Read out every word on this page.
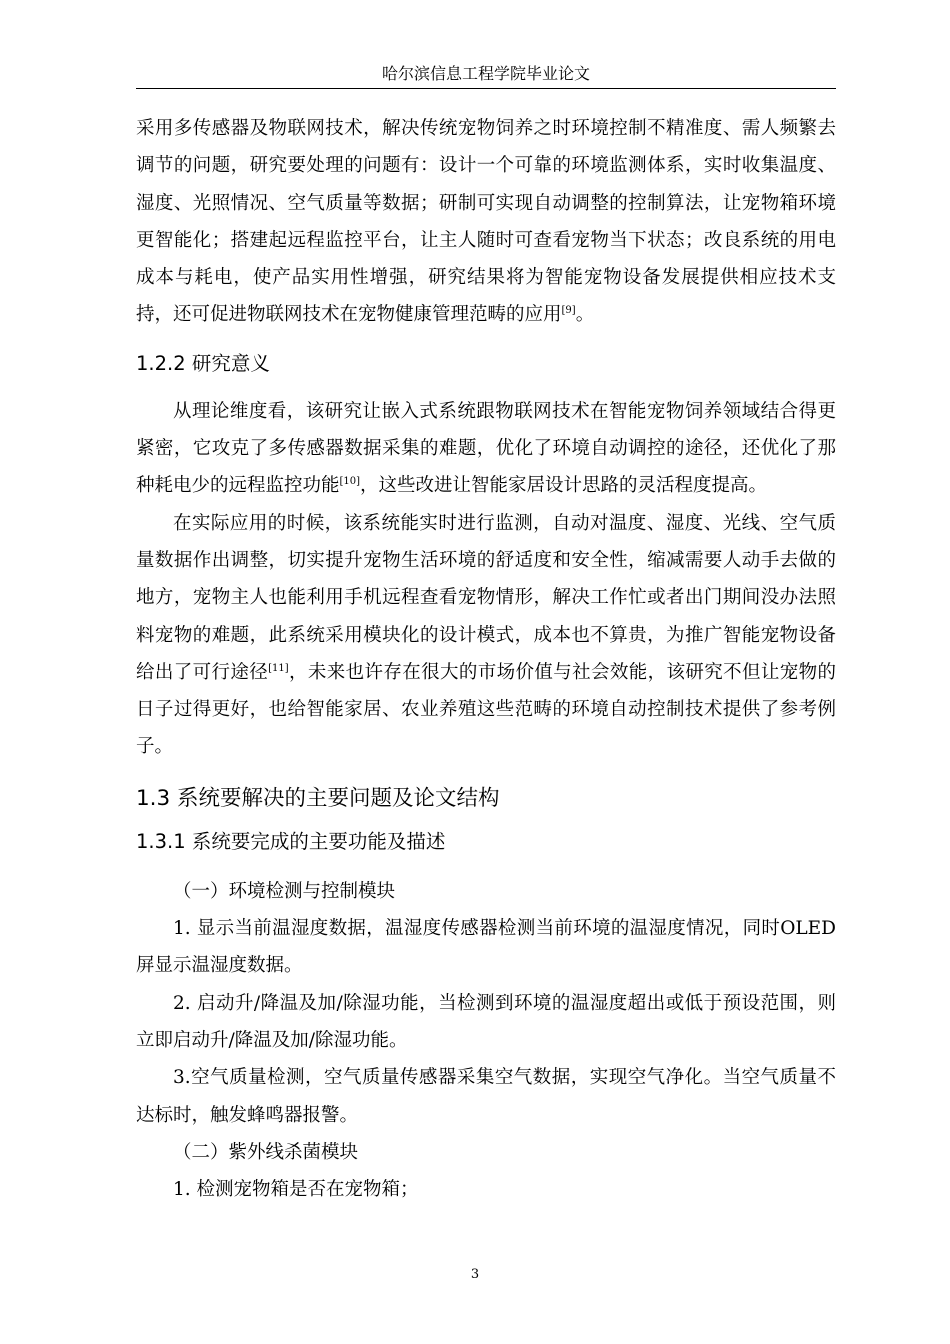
哈尔滨信息工程学院毕业论文

采用多传感器及物联网技术，解决传统宠物饲养之时环境控制不精准度、需人频繁去调节的问题，研究要处理的问题有：设计一个可靠的环境监测体系，实时收集温度、湿度、光照情况、空气质量等数据；研制可实现自动调整的控制算法，让宠物箱环境更智能化；搭建起远程监控平台，让主人随时可查看宠物当下状态；改良系统的用电成本与耗电，使产品实用性增强，研究结果将为智能宠物设备发展提供相应技术支持，还可促进物联网技术在宠物健康管理范畴的应用[9]。

1.2.2 研究意义

从理论维度看，该研究让嵌入式系统跟物联网技术在智能宠物饲养领域结合得更紧密，它攻克了多传感器数据采集的难题，优化了环境自动调控的途径，还优化了那种耗电少的远程监控功能[10]，这些改进让智能家居设计思路的灵活程度提高。

在实际应用的时候，该系统能实时进行监测，自动对温度、湿度、光线、空气质量数据作出调整，切实提升宠物生活环境的舒适度和安全性，缩减需要人动手去做的地方，宠物主人也能利用手机远程查看宠物情形，解决工作忙或者出门期间没办法照料宠物的难题，此系统采用模块化的设计模式，成本也不算贵，为推广智能宠物设备给出了可行途径[11]，未来也许存在很大的市场价值与社会效能，该研究不但让宠物的日子过得更好，也给智能家居、农业养殖这些范畴的环境自动控制技术提供了参考例子。

1.3 系统要解决的主要问题及论文结构
1.3.1 系统要完成的主要功能及描述

（一）环境检测与控制模块

1. 显示当前温湿度数据，温湿度传感器检测当前环境的温湿度情况，同时OLED屏显示温湿度数据。

2. 启动升/降温及加/除湿功能，当检测到环境的温湿度超出或低于预设范围，则立即启动升/降温及加/除湿功能。

3.空气质量检测，空气质量传感器采集空气数据，实现空气净化。当空气质量不达标时，触发蜂鸣器报警。

（二）紫外线杀菌模块

1. 检测宠物箱是否在宠物箱；

3
